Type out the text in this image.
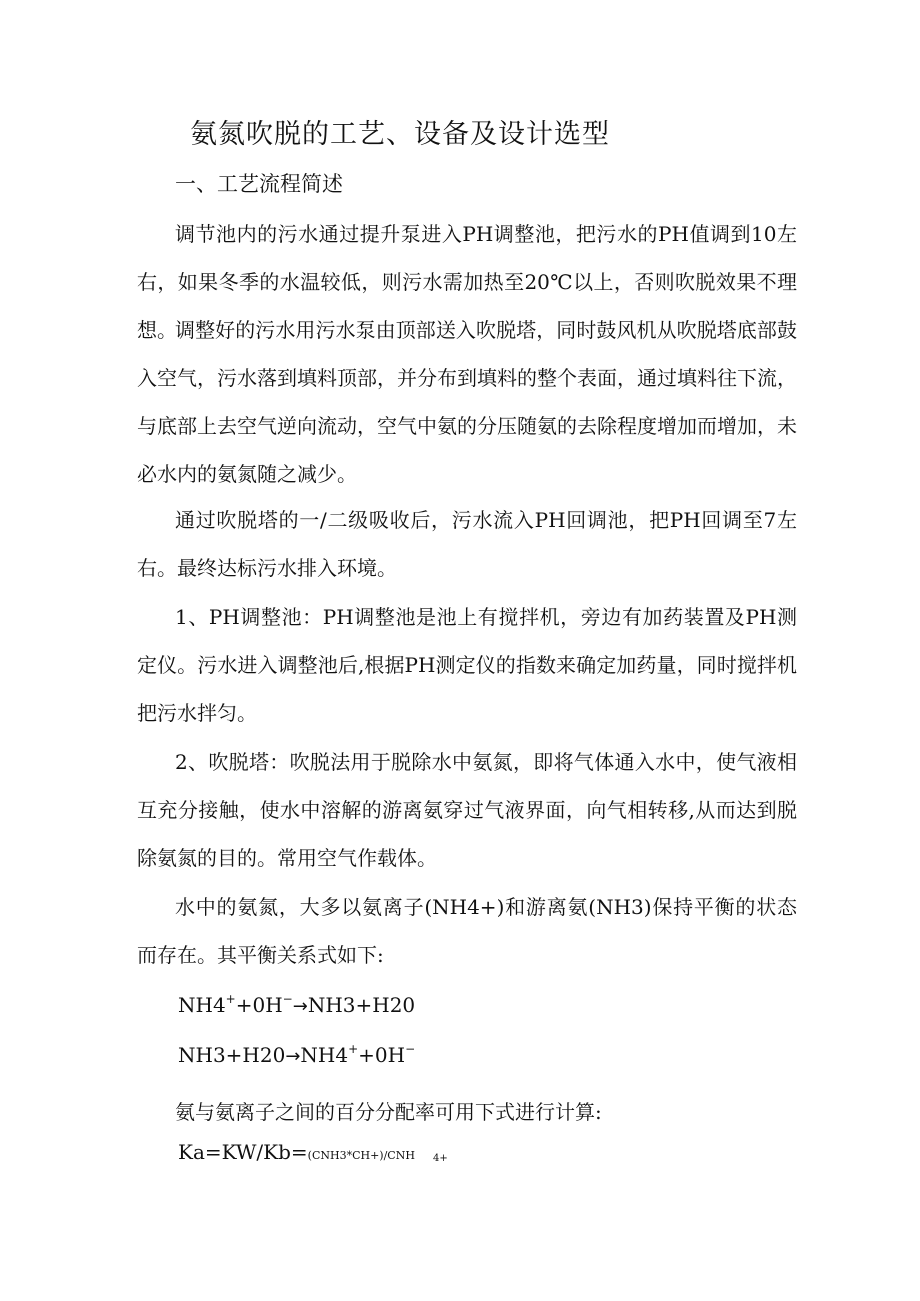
氨氮吹脱的工艺、设备及设计选型
一、工艺流程简述
调节池内的污水通过提升泵进入PH调整池，把污水的PH值调到10左右，如果冬季的水温较低，则污水需加热至20℃以上，否则吹脱效果不理想。
调整好的污水用污水泵由顶部送入吹脱塔，同时鼓风机从吹脱塔底部鼓入空气，污水落到填料顶部，并分布到填料的整个表面，通过填料往下流，与底部上去空气逆向流动，空气中氨的分压随氨的去除程度增加而增加，未必水内的氨氮随之减少。
通过吹脱塔的一/二级吸收后，污水流入PH回调池，把PH回调至7左右。最终达标污水排入环境。
1、PH调整池：PH调整池是池上有搅拌机，旁边有加药装置及PH测定仪。污水进入调整池后,根据PH测定仪的指数来确定加药量，同时搅拌机把污水拌匀。
2、吹脱塔：吹脱法用于脱除水中氨氮，即将气体通入水中，使气液相互充分接触，使水中溶解的游离氨穿过气液界面，向气相转移,从而达到脱除氨氮的目的。常用空气作载体。
水中的氨氮，大多以氨离子(NH4+)和游离氨(NH3)保持平衡的状态而存在。其平衡关系式如下:
NH4++0H−→NH3+H20
NH3+H20→NH4++0H−
氨与氨离子之间的百分分配率可用下式进行计算:
Ka=KW/Kb=(CNH3*CH+)/CNH 4+
